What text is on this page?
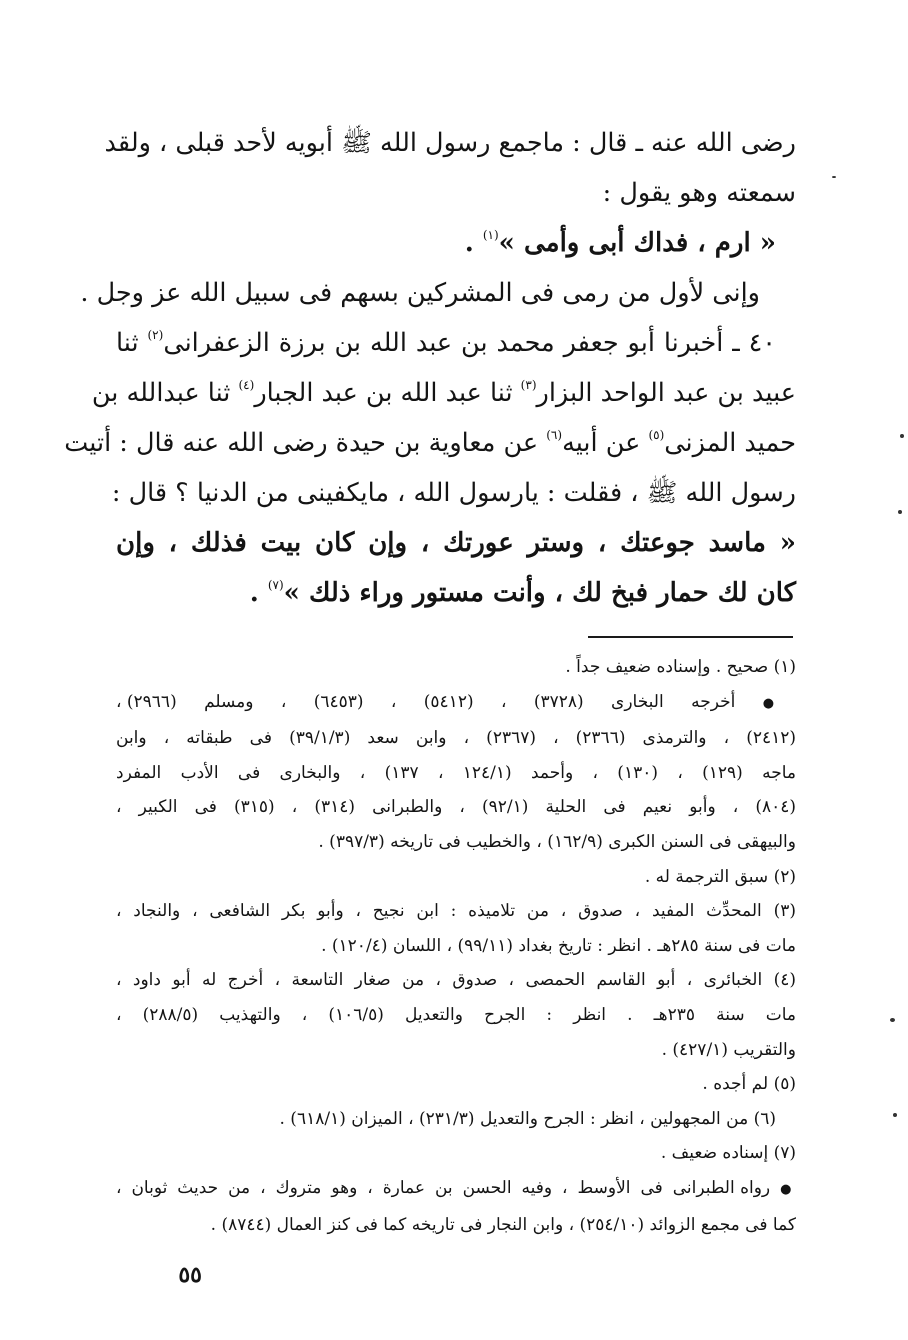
رضى الله عنه ـ قال : ماجمع رسول الله ﷺ أبويه لأحد قبلى ، ولقد
سمعته وهو يقول :
« ارم ، فداك أبى وأمى »$^{(١)}$ .
وإنى لأول من رمى فى المشركين بسهم فى سبيل الله عز وجل .
٤٠ ـ أخبرنا أبو جعفر محمد بن عبد الله بن برزة الزعفرانى$^{(٢)}$ ثنا
عبيد بن عبد الواحد البزار$^{(٣)}$ ثنا عبد الله بن عبد الجبار$^{(٤)}$ ثنا عبدالله بن
حميد المزنى$^{(٥)}$ عن أبيه$^{(٦)}$ عن معاوية بن حيدة رضى الله عنه قال : أتيت
رسول الله ﷺ ، فقلت : يارسول الله ، مايكفينى من الدنيا ؟ قال :
« ماسد جوعتك ، وستر عورتك ، وإن كان بيت فذلك ، وإن
كان لك حمار فبخ لك ، وأنت مستور وراء ذلك »$^{(٧)}$ .
(١) صحيح . وإسناده ضعيف جداً .
● أخرجه البخارى (٣٧٢٨) ، (٥٤١٢) ، (٦٤٥٣) ، ومسلم (٢٩٦٦) ،
(٢٤١٢) ، والترمذى (٢٣٦٦) ، (٢٣٦٧) ، وابن سعد (٣٩/١/٣) فى طبقاته ، وابن
ماجه (١٢٩) ، (١٣٠) ، وأحمد (١٢٤/١ ، ١٣٧) ، والبخارى فى الأدب المفرد
(٨٠٤) ، وأبو نعيم فى الحلية (٩٢/١) ، والطبرانى (٣١٤) ، (٣١٥) فى الكبير ،
والبيهقى فى السنن الكبرى (١٦٢/٩) ، والخطيب فى تاريخه (٣٩٧/٣) .
(٢) سبق الترجمة له .
(٣) المحدِّث المفيد ، صدوق ، من تلاميذه : ابن نجيح ، وأبو بكر الشافعى ، والنجاد ،
مات فى سنة ٢٨٥هـ . انظر : تاريخ بغداد (٩٩/١١) ، اللسان (١٢٠/٤) .
(٤) الخبائرى ، أبو القاسم الحمصى ، صدوق ، من صغار التاسعة ، أخرج له أبو داود ،
مات سنة ٢٣٥هـ . انظر : الجرح والتعديل (١٠٦/٥) ، والتهذيب (٢٨٨/٥) ،
والتقريب (٤٢٧/١) .
(٥) لم أجده .
(٦) من المجهولين ، انظر : الجرح والتعديل (٢٣١/٣) ، الميزان (٦١٨/١) .
(٧) إسناده ضعيف .
● رواه الطبرانى فى الأوسط ، وفيه الحسن بن عمارة ، وهو متروك ، من حديث ثوبان ،
كما فى مجمع الزوائد (٢٥٤/١٠) ، وابن النجار فى تاريخه كما فى كنز العمال (٨٧٤٤) .
٥٥
